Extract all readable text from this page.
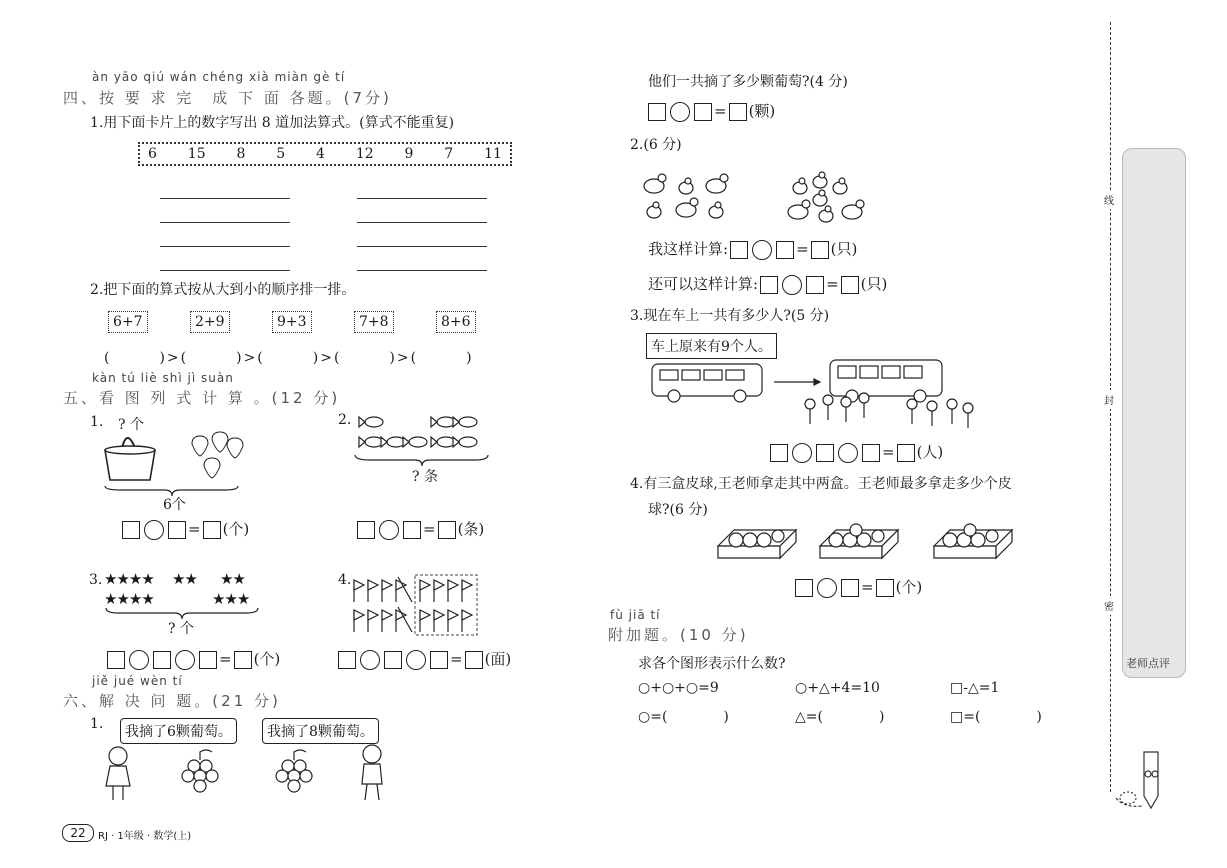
àn yāo qiú wán chéng xià miàn gè tí
四、按 要 求 完　成 下 面 各题。(7分)
1.用下面卡片上的数字写出 8 道加法算式。(算式不能重复)
6 15 8 5 4 12 9 7 11
2.把下面的算式按从大到小的顺序排一排。
6+7	2+9	9+3	7+8	8+6
(　　　)>(　　　)>(　　　)>(　　　)>(　　　)
kàn tú liè shì jì suàn
五、看 图 列 式 计 算 。(12 分)
1. ? 个
6个
= (个)
2.
? 条
= (条)
3. ★★★★ ★★ ★★
★★★★	★★★
? 个
= (个)
4.
= (面)
jiě jué wèn tí
六、解 决 问 题。(21 分)
1.	我摘了6颗葡萄。	我摘了8颗葡萄。
22	RJ · 1年级 · 数学(上)
他们一共摘了多少颗葡萄?(4 分)
= (颗)
2.(6 分)
我这样计算:	= (只)
还可以这样计算:	= (只)
3.现在车上一共有多少人?(5 分)
车上原来有9个人。
= (人)
4.有三盒皮球,王老师拿走其中两盒。王老师最多拿走多少个皮
球?(6 分)
= (个)
fù jiā tí
附加题。(10 分)
求各个图形表示什么数?
○+○+○=9	○+△+4=10	□-△=1
○=(　　　　)	△=(　　　　)	□=(　　　　)
线
封
密
老师点评
